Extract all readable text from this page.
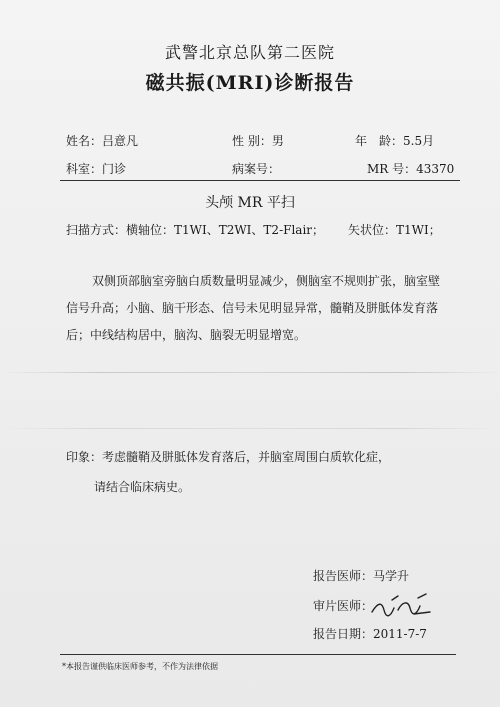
武警北京总队第二医院
磁共振(MRI)诊断报告
姓名：吕意凡	性 别：男	年　龄：5.5月
科室：门诊	病案号：	MR 号：43370
头颅 MR 平扫
扫描方式：横轴位：T1WI、T2WI、T2-Flair； 矢状位：T1WI；
双侧顶部脑室旁脑白质数量明显减少，侧脑室不规则扩张，脑室壁信号升高；小脑、脑干形态、信号未见明显异常，髓鞘及胼胝体发育落后；中线结构居中，脑沟、脑裂无明显增宽。
印象：考虑髓鞘及胼胝体发育落后，并脑室周围白质软化症，
请结合临床病史。
报告医师：马学升
审片医师：
报告日期：2011-7-7
*本报告谨供临床医师参考，不作为法律依据
